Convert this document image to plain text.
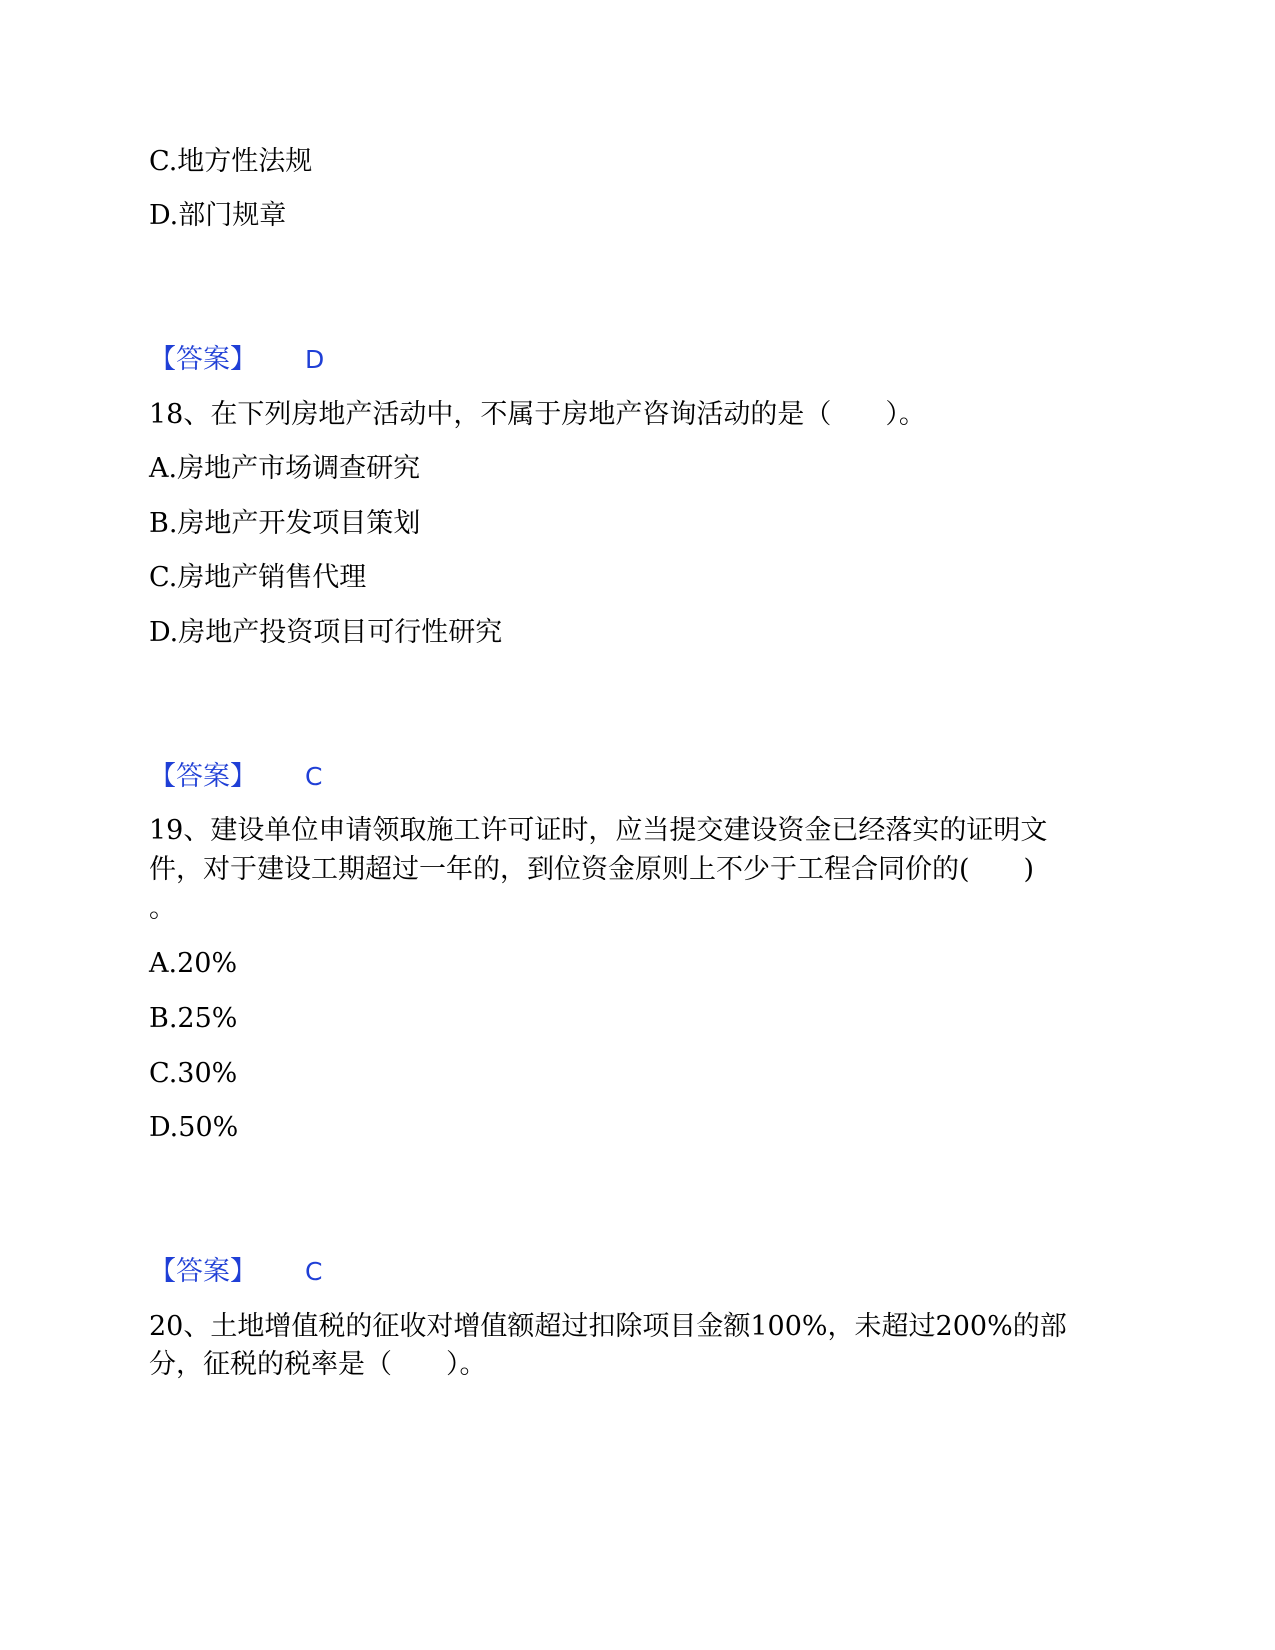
C.地方性法规

D.部门规章

【答案】 D

18、在下列房地产活动中，不属于房地产咨询活动的是（　　）。

A.房地产市场调查研究

B.房地产开发项目策划

C.房地产销售代理

D.房地产投资项目可行性研究

【答案】 C

19、建设单位申请领取施工许可证时，应当提交建设资金已经落实的证明文

件，对于建设工期超过一年的，到位资金原则上不少于工程合同价的(　　)

。

A.20%

B.25%

C.30%

D.50%

【答案】 C

20、土地增值税的征收对增值额超过扣除项目金额100%，未超过200%的部

分，征税的税率是（　　）。
